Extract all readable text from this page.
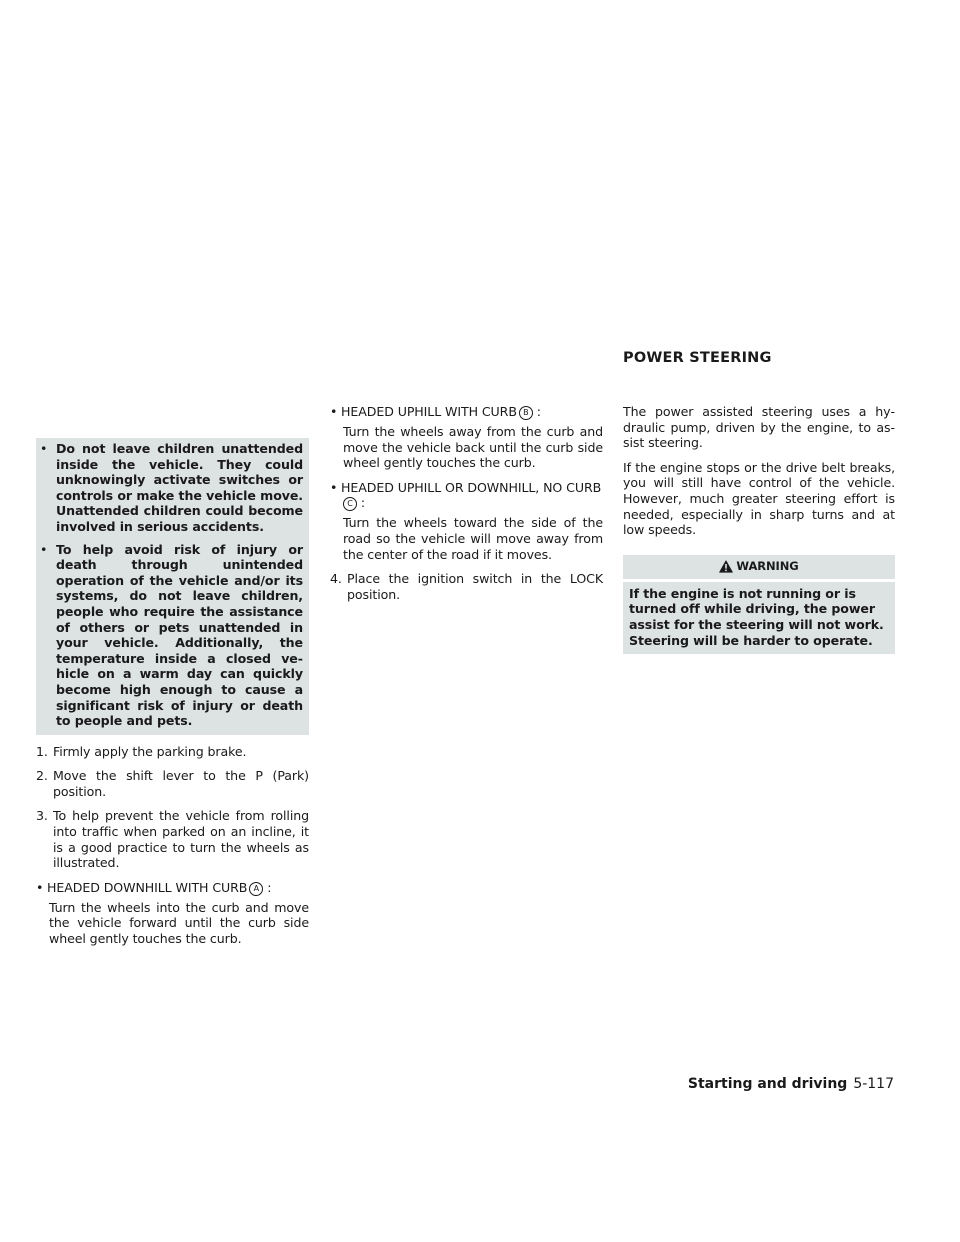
• Do not leave children unattended inside the vehicle. They could unknowingly activate switches or controls or make the vehicle move. Unattended children could become involved in serious accidents.
• To help avoid risk of injury or death through unintended operation of the vehicle and/or its systems, do not leave children, people who require the assistance of others or pets unattended in your vehicle. Additionally, the temperature inside a closed vehicle on a warm day can quickly become high enough to cause a significant risk of injury or death to people and pets.
1. Firmly apply the parking brake.
2. Move the shift lever to the P (Park) position.
3. To help prevent the vehicle from rolling into traffic when parked on an incline, it is a good practice to turn the wheels as illustrated.
• HEADED DOWNHILL WITH CURB A :
Turn the wheels into the curb and move the vehicle forward until the curb side wheel gently touches the curb.
• HEADED UPHILL WITH CURB B :
Turn the wheels away from the curb and move the vehicle back until the curb side wheel gently touches the curb.
• HEADED UPHILL OR DOWNHILL, NO CURB
C :
Turn the wheels toward the side of the road so the vehicle will move away from the center of the road if it moves.
4. Place the ignition switch in the LOCK position.
POWER STEERING
The power assisted steering uses a hydraulic pump, driven by the engine, to assist steering.
If the engine stops or the drive belt breaks, you will still have control of the vehicle. However, much greater steering effort is needed, especially in sharp turns and at low speeds.
WARNING
If the engine is not running or is turned off while driving, the power assist for the steering will not work. Steering will be harder to operate.
Starting and driving 5-117
